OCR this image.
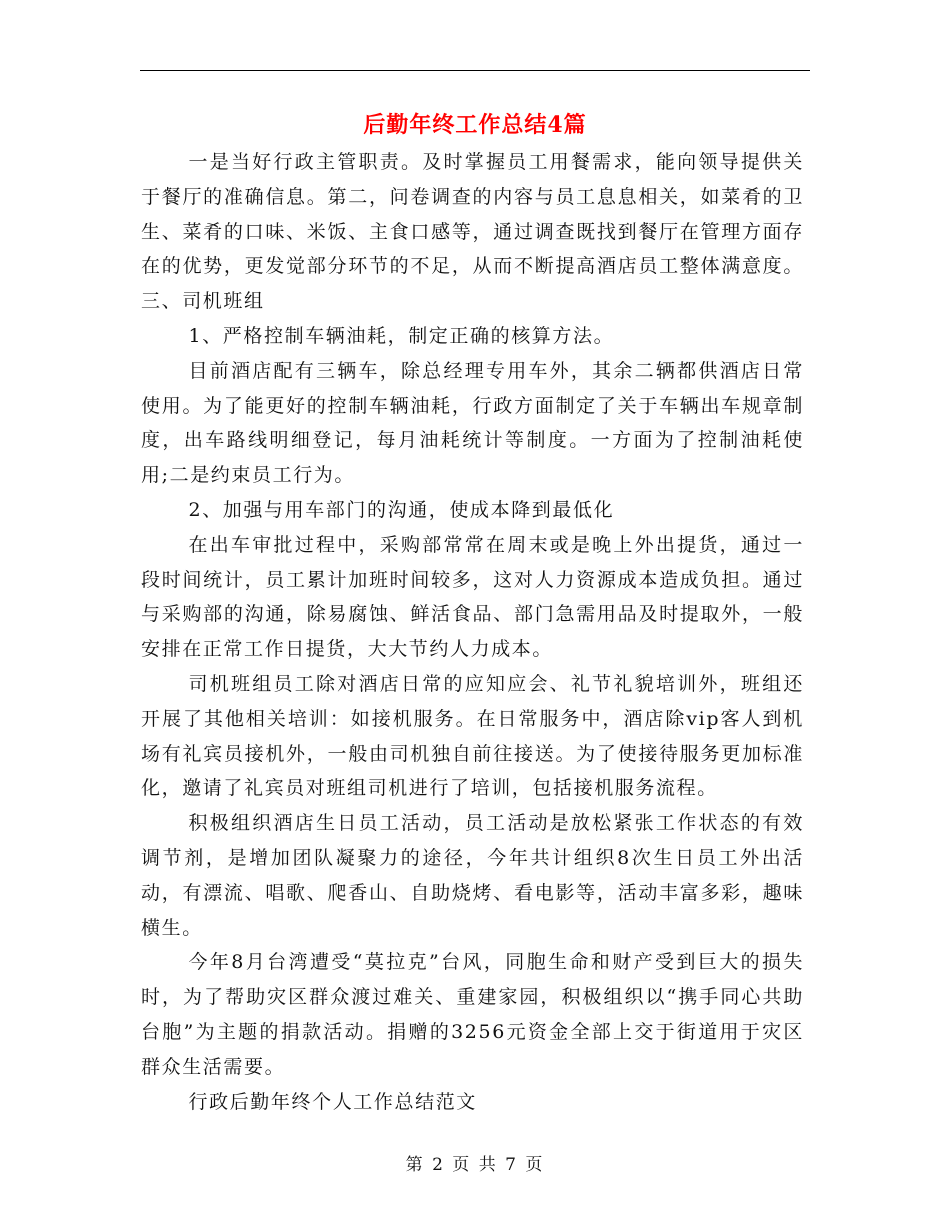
后勤年终工作总结4篇

一是当好行政主管职责。及时掌握员工用餐需求，能向领导提供关于餐厅的准确信息。第二，问卷调查的内容与员工息息相关，如菜肴的卫生、菜肴的口味、米饭、主食口感等，通过调查既找到餐厅在管理方面存在的优势，更发觉部分环节的不足，从而不断提高酒店员工整体满意度。三、司机班组

1、严格控制车辆油耗，制定正确的核算方法。

目前酒店配有三辆车，除总经理专用车外，其余二辆都供酒店日常使用。为了能更好的控制车辆油耗，行政方面制定了关于车辆出车规章制度，出车路线明细登记，每月油耗统计等制度。一方面为了控制油耗使用;二是约束员工行为。

2、加强与用车部门的沟通，使成本降到最低化

在出车审批过程中，采购部常常在周末或是晚上外出提货，通过一段时间统计，员工累计加班时间较多，这对人力资源成本造成负担。通过与采购部的沟通，除易腐蚀、鲜活食品、部门急需用品及时提取外，一般安排在正常工作日提货，大大节约人力成本。

司机班组员工除对酒店日常的应知应会、礼节礼貌培训外，班组还开展了其他相关培训：如接机服务。在日常服务中，酒店除vip客人到机场有礼宾员接机外，一般由司机独自前往接送。为了使接待服务更加标准化，邀请了礼宾员对班组司机进行了培训，包括接机服务流程。

积极组织酒店生日员工活动，员工活动是放松紧张工作状态的有效调节剂，是增加团队凝聚力的途径，今年共计组织8次生日员工外出活动，有漂流、唱歌、爬香山、自助烧烤、看电影等，活动丰富多彩，趣味横生。

今年8月台湾遭受“莫拉克”台风，同胞生命和财产受到巨大的损失时，为了帮助灾区群众渡过难关、重建家园，积极组织以“携手同心共助台胞”为主题的捐款活动。捐赠的3256元资金全部上交于街道用于灾区群众生活需要。

行政后勤年终个人工作总结范文

第 2 页 共 7 页
